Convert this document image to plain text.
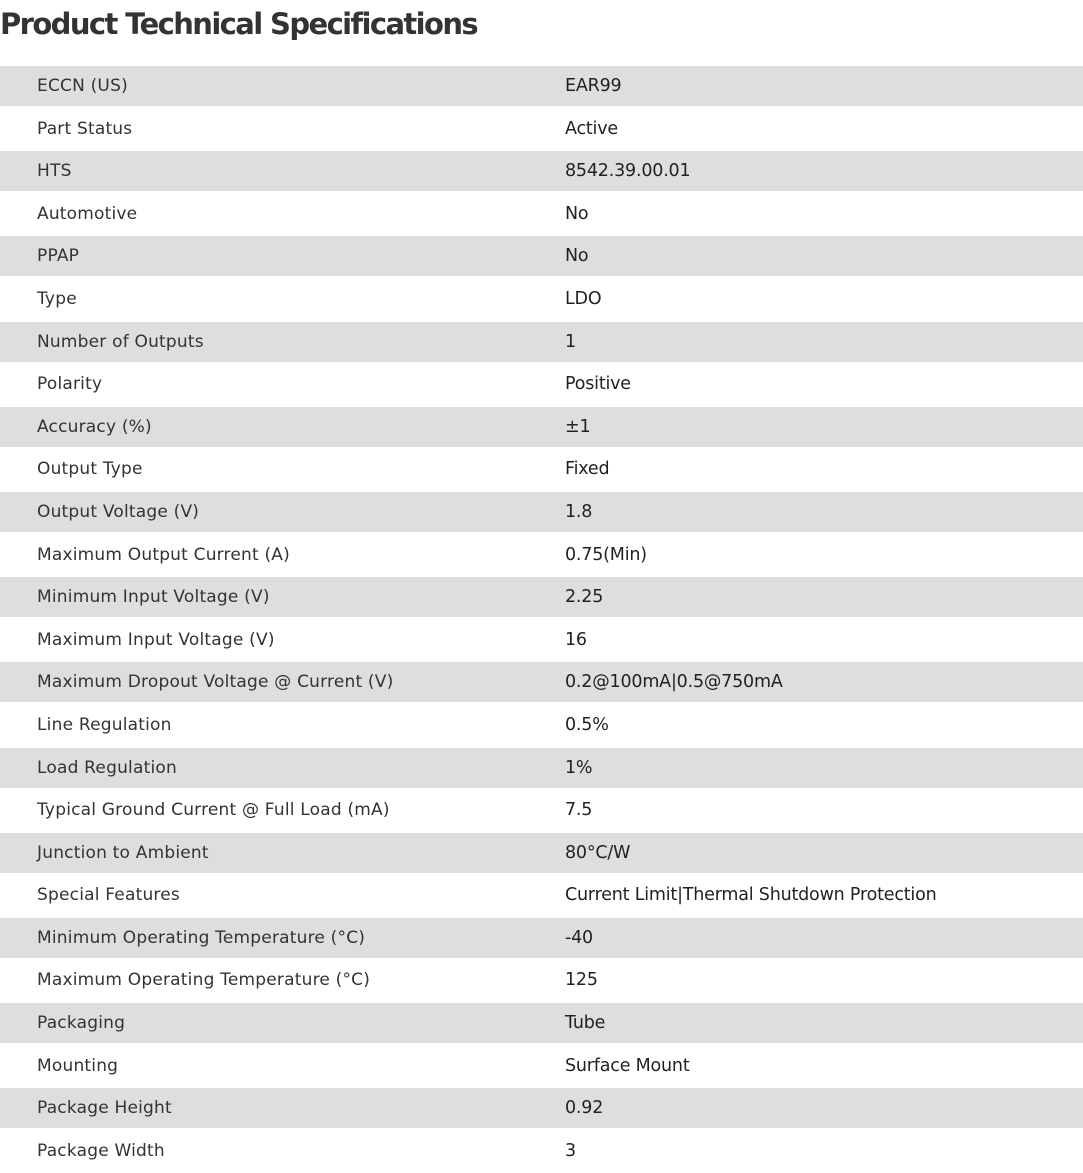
Product Technical Specifications
ECCN (US)	EAR99
Part Status	Active
HTS	8542.39.00.01
Automotive	No
PPAP	No
Type	LDO
Number of Outputs	1
Polarity	Positive
Accuracy (%)	±1
Output Type	Fixed
Output Voltage (V)	1.8
Maximum Output Current (A)	0.75(Min)
Minimum Input Voltage (V)	2.25
Maximum Input Voltage (V)	16
Maximum Dropout Voltage @ Current (V)	0.2@100mA|0.5@750mA
Line Regulation	0.5%
Load Regulation	1%
Typical Ground Current @ Full Load (mA)	7.5
Junction to Ambient	80°C/W
Special Features	Current Limit|Thermal Shutdown Protection
Minimum Operating Temperature (°C)	-40
Maximum Operating Temperature (°C)	125
Packaging	Tube
Mounting	Surface Mount
Package Height	0.92
Package Width	3
